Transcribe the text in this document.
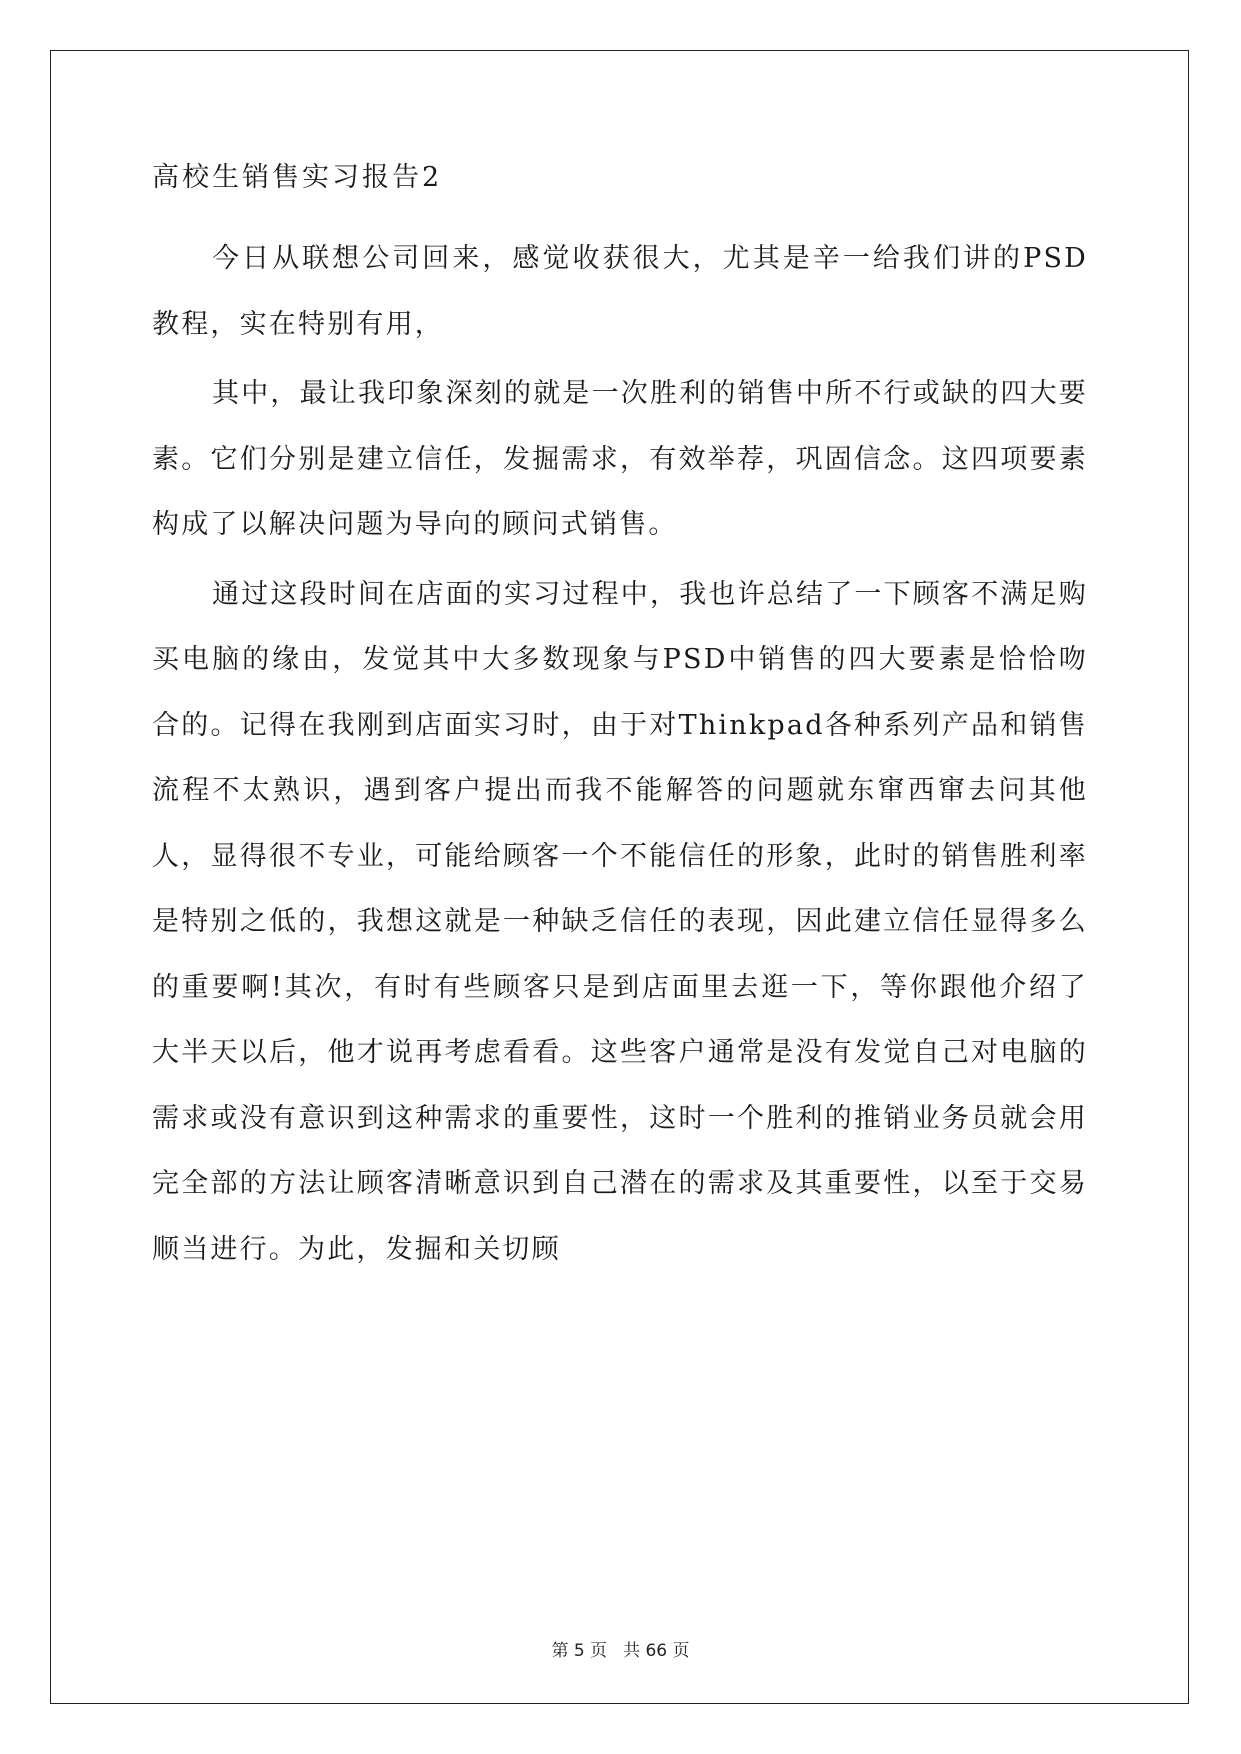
高校生销售实习报告2

今日从联想公司回来，感觉收获很大，尤其是辛一给我们讲的PSD教程，实在特别有用，

其中，最让我印象深刻的就是一次胜利的销售中所不行或缺的四大要素。它们分别是建立信任，发掘需求，有效举荐，巩固信念。这四项要素构成了以解决问题为导向的顾问式销售。

通过这段时间在店面的实习过程中，我也许总结了一下顾客不满足购买电脑的缘由，发觉其中大多数现象与PSD中销售的四大要素是恰恰吻合的。记得在我刚到店面实习时，由于对Thinkpad各种系列产品和销售流程不太熟识，遇到客户提出而我不能解答的问题就东窜西窜去问其他人，显得很不专业，可能给顾客一个不能信任的形象，此时的销售胜利率是特别之低的，我想这就是一种缺乏信任的表现，因此建立信任显得多么的重要啊!其次，有时有些顾客只是到店面里去逛一下，等你跟他介绍了大半天以后，他才说再考虑看看。这些客户通常是没有发觉自己对电脑的需求或没有意识到这种需求的重要性，这时一个胜利的推销业务员就会用完全部的方法让顾客清晰意识到自己潜在的需求及其重要性，以至于交易顺当进行。为此，发掘和关切顾

第 5 页 共 66 页
